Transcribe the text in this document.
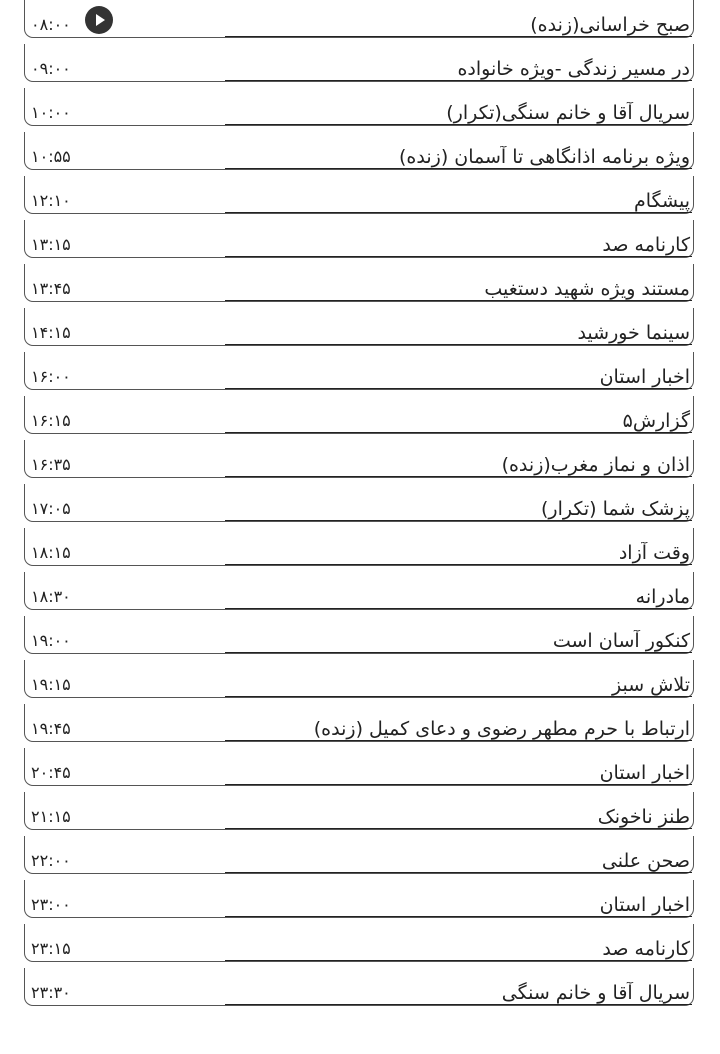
صبح خراسانی(زنده)
۰۸:۰۰
در مسیر زندگی -ویژه خانواده
۰۹:۰۰
سریال آقا و خانم سنگی(تکرار)
۱۰:۰۰
ویژه برنامه اذانگاهی تا آسمان (زنده)
۱۰:۵۵
پیشگام
۱۲:۱۰
کارنامه صد
۱۳:۱۵
مستند ویژه شهید دستغیب
۱۳:۴۵
سینما خورشید
۱۴:۱۵
اخبار استان
۱۶:۰۰
گزارش۵
۱۶:۱۵
اذان و نماز مغرب(زنده)
۱۶:۳۵
پزشک شما (تکرار)
۱۷:۰۵
وقت آزاد
۱۸:۱۵
مادرانه
۱۸:۳۰
کنکور آسان است
۱۹:۰۰
تلاش سبز
۱۹:۱۵
ارتباط با حرم مطهر رضوی و دعای کمیل (زنده)
۱۹:۴۵
اخبار استان
۲۰:۴۵
طنز ناخونک
۲۱:۱۵
صحن علنی
۲۲:۰۰
اخبار استان
۲۳:۰۰
کارنامه صد
۲۳:۱۵
سریال آقا و خانم سنگی
۲۳:۳۰
